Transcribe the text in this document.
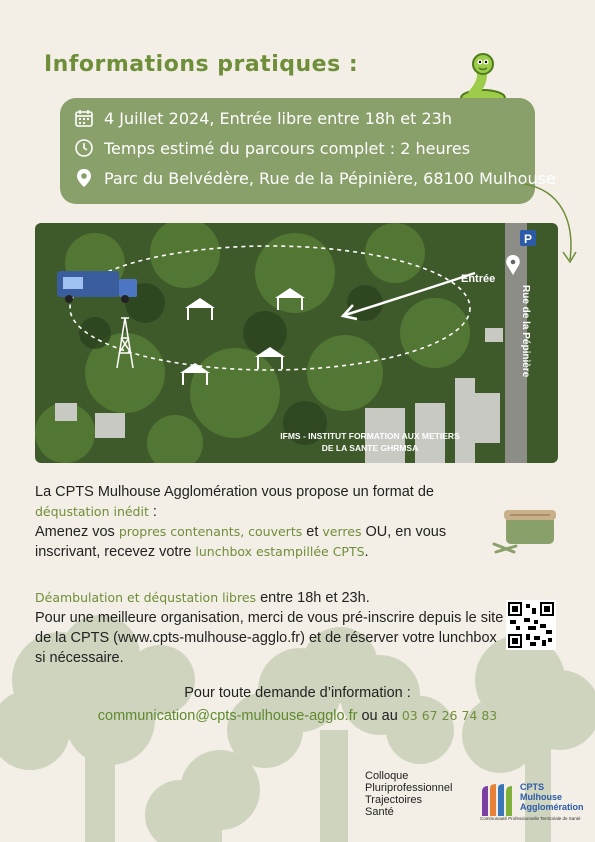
Informations pratiques :
4 Juillet 2024, Entrée libre entre 18h et 23h
Temps estimé du parcours complet : 2 heures
Parc du Belvédère, Rue de la Pépinière, 68100 Mulhouse
P
Entrée
Rue de la Pépinière
IFMS - INSTITUT FORMATION AUX METIERS
DE LA SANTE GHRMSA
La CPTS Mulhouse Agglomération vous propose un format de
déqustation inédit :
Amenez vos propres contenants, couverts et verres OU, en vous inscrivant, recevez votre lunchbox estampillée CPTS.
Déambulation et déqustation libres entre 18h et 23h.
Pour une meilleure organisation, merci de vous pré-inscrire depuis le site de la CPTS (www.cpts-mulhouse-agglo.fr) et de réserver votre lunchbox si nécessaire.
Pour toute demande d’information :
communication@cpts-mulhouse-agglo.fr ou au 03 67 26 74 83
Colloque
Pluriprofessionnel
Trajectoires
Santé
CPTS
Mulhouse
Agglomération
Communauté Professionnelle Territoriale de Santé
